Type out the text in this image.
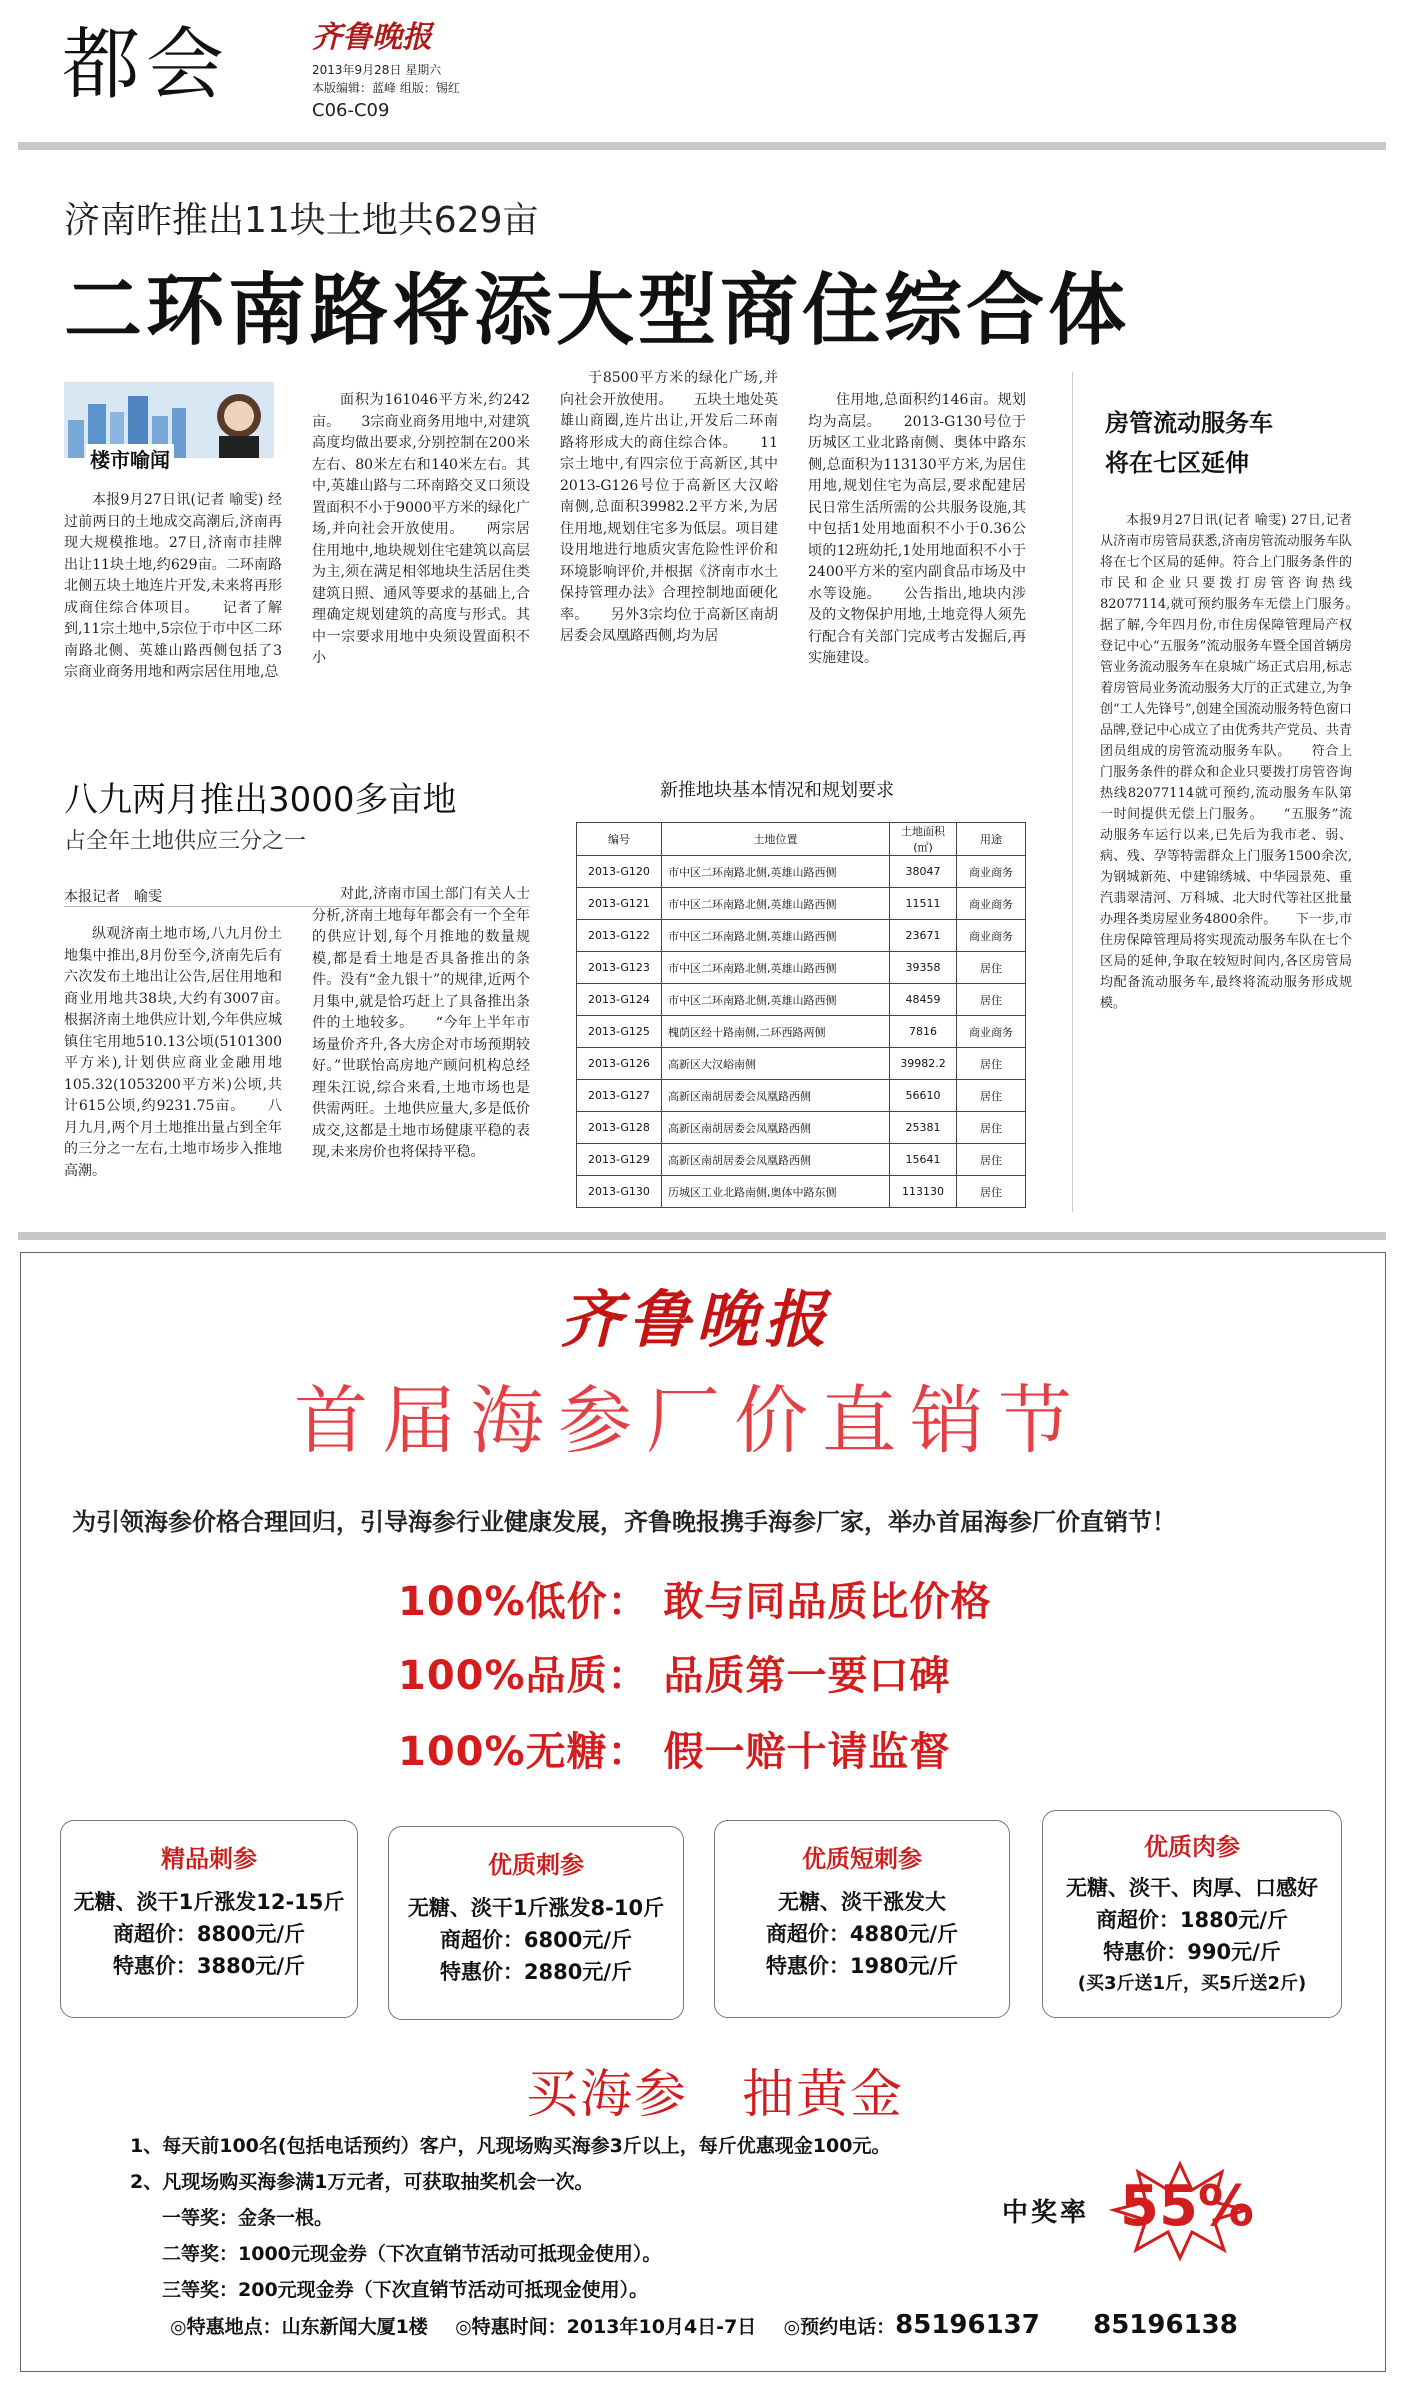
都会	齐鲁晚报
2013年9月28日 星期六
本版编辑：蓝峰 组版：锡红
C06-C09
济南昨推出11块土地共629亩
二环南路将添大型商住综合体
楼市喻闻

本报9月27日讯(记者 喻雯) 经过前两日的土地成交高潮后,济南再现大规模推地。27日,济南市挂牌出让11块土地,约629亩。二环南路北侧五块土地连片开发,未来将再形成商住综合体项目。　　记者了解到,11宗土地中,5宗位于市中区二环南路北侧、英雄山路西侧包括了3宗商业商务用地和两宗居住用地,总

面积为161046平方米,约242亩。　　3宗商业商务用地中,对建筑高度均做出要求,分别控制在200米左右、80米左右和140米左右。其中,英雄山路与二环南路交叉口须设置面积不小于9000平方米的绿化广场,并向社会开放使用。　　两宗居住用地中,地块规划住宅建筑以高层为主,须在满足相邻地块生活居住类建筑日照、通风等要求的基础上,合理确定规划建筑的高度与形式。其中一宗要求用地中央须设置面积不小

于8500平方米的绿化广场,并向社会开放使用。　　五块土地处英雄山商圈,连片出让,开发后二环南路将形成大的商住综合体。　　11宗土地中,有四宗位于高新区,其中2013-G126号位于高新区大汉峪南侧,总面积39982.2平方米,为居住用地,规划住宅多为低层。项目建设用地进行地质灾害危险性评价和环境影响评价,并根据《济南市水土保持管理办法》合理控制地面硬化率。　　另外3宗均位于高新区南胡居委会凤凰路西侧,均为居

住用地,总面积约146亩。规划均为高层。　　2013-G130号位于历城区工业北路南侧、奥体中路东侧,总面积为113130平方米,为居住用地,规划住宅为高层,要求配建居民日常生活所需的公共服务设施,其中包括1处用地面积不小于0.36公顷的12班幼托,1处用地面积不小于2400平方米的室内副食品市场及中水等设施。　　公告指出,地块内涉及的文物保护用地,土地竞得人须先行配合有关部门完成考古发掘后,再实施建设。

房管流动服务车
将在七区延伸

本报9月27日讯(记者 喻雯) 27日,记者从济南市房管局获悉,济南房管流动服务车队将在七个区局的延伸。符合上门服务条件的市民和企业只要拨打房管咨询热线82077114,就可预约服务车无偿上门服务。　　据了解,今年四月份,市住房保障管理局产权登记中心“五服务”流动服务车暨全国首辆房管业务流动服务车在泉城广场正式启用,标志着房管局业务流动服务大厅的正式建立,为争创“工人先锋号”,创建全国流动服务特色窗口品牌,登记中心成立了由优秀共产党员、共青团员组成的房管流动服务车队。　　符合上门服务条件的群众和企业只要拨打房管咨询热线82077114就可预约,流动服务车队第一时间提供无偿上门服务。　　“五服务”流动服务车运行以来,已先后为我市老、弱、病、残、孕等特需群众上门服务1500余次,为钢城新苑、中建锦绣城、中华园景苑、重汽翡翠清河、万科城、北大时代等社区批量办理各类房屋业务4800余件。　　下一步,市住房保障管理局将实现流动服务车队在七个区局的延伸,争取在较短时间内,各区房管局均配备流动服务车,最终将流动服务形成规模。

八九两月推出3000多亩地
占全年土地供应三分之一
本报记者　喻雯

纵观济南土地市场,八九月份土地集中推出,8月份至今,济南先后有六次发布土地出让公告,居住用地和商业用地共38块,大约有3007亩。　　根据济南土地供应计划,今年供应城镇住宅用地510.13公顷(5101300平方米),计划供应商业金融用地105.32(1053200平方米)公顷,共计615公顷,约9231.75亩。　　八月九月,两个月土地推出量占到全年的三分之一左右,土地市场步入推地高潮。

对此,济南市国土部门有关人士分析,济南土地每年都会有一个全年的供应计划,每个月推地的数量规模,都是看土地是否具备推出的条件。没有“金九银十”的规律,近两个月集中,就是恰巧赶上了具备推出条件的土地较多。　　“今年上半年市场量价齐升,各大房企对市场预期较好。”世联怡高房地产顾问机构总经理朱江说,综合来看,土地市场也是供需两旺。土地供应量大,多是低价成交,这都是土地市场健康平稳的表现,未来房价也将保持平稳。

新推地块基本情况和规划要求
编号	土地位置	土地面积(㎡)	用途
2013-G120	市中区二环南路北侧,英雄山路西侧	38047	商业商务
2013-G121	市中区二环南路北侧,英雄山路西侧	11511	商业商务
2013-G122	市中区二环南路北侧,英雄山路西侧	23671	商业商务
2013-G123	市中区二环南路北侧,英雄山路西侧	39358	居住
2013-G124	市中区二环南路北侧,英雄山路西侧	48459	居住
2013-G125	槐荫区经十路南侧,二环西路两侧	7816	商业商务
2013-G126	高新区大汉峪南侧	39982.2	居住
2013-G127	高新区南胡居委会凤凰路西侧	56610	居住
2013-G128	高新区南胡居委会凤凰路西侧	25381	居住
2013-G129	高新区南胡居委会凤凰路西侧	15641	居住
2013-G130	历城区工业北路南侧,奥体中路东侧	113130	居住
齐鲁晚报
首届海参厂价直销节
为引领海参价格合理回归，引导海参行业健康发展，齐鲁晚报携手海参厂家，举办首届海参厂价直销节！
100%低价： 敢与同品质比价格
100%品质： 品质第一要口碑
100%无糖： 假一赔十请监督
精品刺参
无糖、淡干1斤涨发12-15斤
商超价：8800元/斤
特惠价：3880元/斤
优质刺参
无糖、淡干1斤涨发8-10斤
商超价：6800元/斤
特惠价：2880元/斤
优质短刺参
无糖、淡干涨发大
商超价：4880元/斤
特惠价：1980元/斤
优质肉参
无糖、淡干、肉厚、口感好
商超价：1880元/斤
特惠价：990元/斤
(买3斤送1斤，买5斤送2斤)
买海参　抽黄金
1、每天前100名(包括电话预约）客户，凡现场购买海参3斤以上，每斤优惠现金100元。
2、凡现场购买海参满1万元者，可获取抽奖机会一次。
一等奖：金条一根。
二等奖：1000元现金券（下次直销节活动可抵现金使用）。
三等奖：200元现金券（下次直销节活动可抵现金使用）。
中奖率 55%
◎特惠地点：山东新闻大厦1楼 ◎特惠时间：2013年10月4日-7日 ◎预约电话：85196137 85196138
